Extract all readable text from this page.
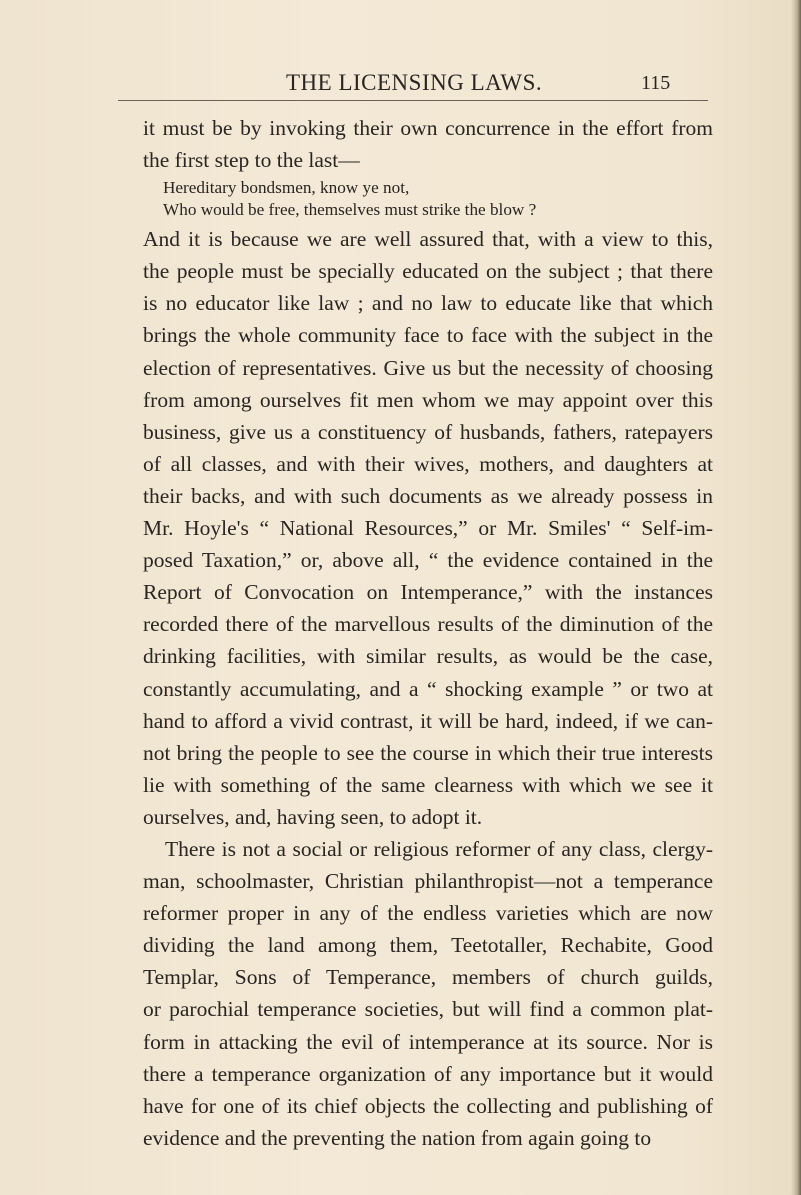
THE LICENSING LAWS.	115
it must be by invoking their own concurrence in the effort from
the first step to the last—
Hereditary bondsmen, know ye not,
Who would be free, themselves must strike the blow ?
And it is because we are well assured that, with a view to this,
the people must be specially educated on the subject ; that there
is no educator like law ; and no law to educate like that which
brings the whole community face to face with the subject in the
election of representatives. Give us but the necessity of choosing
from among ourselves fit men whom we may appoint over this
business, give us a constituency of husbands, fathers, ratepayers
of all classes, and with their wives, mothers, and daughters at
their backs, and with such documents as we already possess in
Mr. Hoyle's “ National Resources,” or Mr. Smiles' “ Self-im-
posed Taxation,” or, above all, “ the evidence contained in the
Report of Convocation on Intemperance,” with the instances
recorded there of the marvellous results of the diminution of the
drinking facilities, with similar results, as would be the case,
constantly accumulating, and a “ shocking example ” or two at
hand to afford a vivid contrast, it will be hard, indeed, if we can-
not bring the people to see the course in which their true interests
lie with something of the same clearness with which we see it
ourselves, and, having seen, to adopt it.
There is not a social or religious reformer of any class, clergy-
man, schoolmaster, Christian philanthropist—not a temperance
reformer proper in any of the endless varieties which are now
dividing the land among them, Teetotaller, Rechabite, Good
Templar, Sons of Temperance, members of church guilds,
or parochial temperance societies, but will find a common plat-
form in attacking the evil of intemperance at its source. Nor is
there a temperance organization of any importance but it would
have for one of its chief objects the collecting and publishing of
evidence and the preventing the nation from again going to
